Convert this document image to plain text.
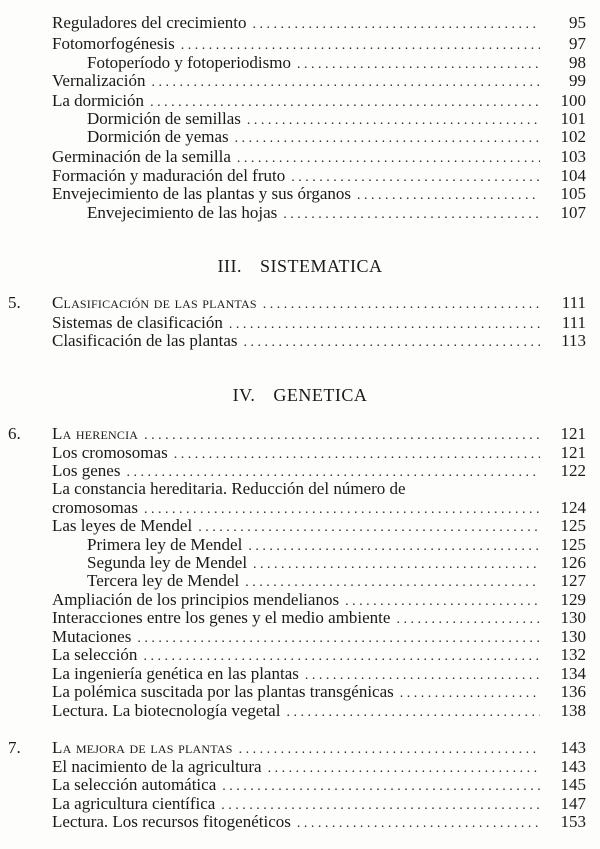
Reguladores del crecimiento . . .	95
Fotomorfogénesis . . .	97
Fotoperíodo y fotoperiodismo . . .	98
Vernalización . . .	99
La dormición . . .	100
Dormición de semillas . . .	101
Dormición de yemas . . .	102
Germinación de la semilla . . .	103
Formación y maduración del fruto . . .	104
Envejecimiento de las plantas y sus órganos . . .	105
Envejecimiento de las hojas . . .	107
III. SISTEMATICA
5. Clasificación de las plantas . . .	111
Sistemas de clasificación . . .	111
Clasificación de las plantas . . .	113
IV. GENETICA
6. La herencia . . .	121
Los cromosomas . . .	121
Los genes . . .	122
La constancia hereditaria. Reducción del número de
cromosomas . . .	124
Las leyes de Mendel . . .	125
Primera ley de Mendel . . .	125
Segunda ley de Mendel . . .	126
Tercera ley de Mendel . . .	127
Ampliación de los principios mendelianos . . .	129
Interacciones entre los genes y el medio ambiente . . .	130
Mutaciones . . .	130
La selección . . .	132
La ingeniería genética en las plantas . . .	134
La polémica suscitada por las plantas transgénicas . . .	136
Lectura. La biotecnología vegetal . . .	138
7. La mejora de las plantas . . .	143
El nacimiento de la agricultura . . .	143
La selección automática . . .	145
La agricultura científica . . .	147
Lectura. Los recursos fitogenéticos . . .	153
